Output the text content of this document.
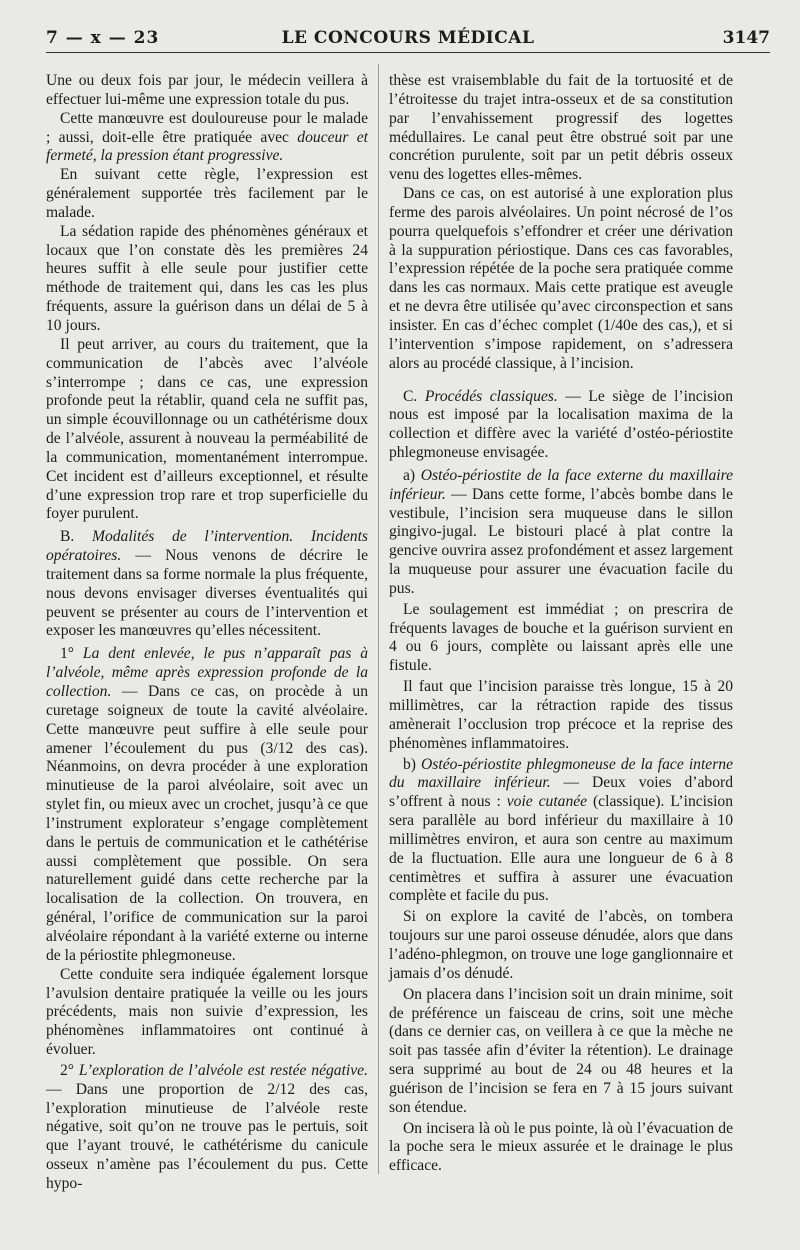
7 — x — 23	LE CONCOURS MÉDICAL	3147

Une ou deux fois par jour, le médecin veillera à effectuer lui-même une expression totale du pus.

Cette manœuvre est douloureuse pour le malade ; aussi, doit-elle être pratiquée avec douceur et fermeté, la pression étant progressive.

En suivant cette règle, l’expression est généralement supportée très facilement par le malade.

La sédation rapide des phénomènes généraux et locaux que l’on constate dès les premières 24 heures suffit à elle seule pour justifier cette méthode de traitement qui, dans les cas les plus fréquents, assure la guérison dans un délai de 5 à 10 jours.

Il peut arriver, au cours du traitement, que la communication de l’abcès avec l’alvéole s’interrompe ; dans ce cas, une expression profonde peut la rétablir, quand cela ne suffit pas, un simple écouvillonnage ou un cathétérisme doux de l’alvéole, assurent à nouveau la perméabilité de la communication, momentanément interrompue. Cet incident est d’ailleurs exceptionnel, et résulte d’une expression trop rare et trop superficielle du foyer purulent.

B. Modalités de l’intervention. Incidents opératoires. — Nous venons de décrire le traitement dans sa forme normale la plus fréquente, nous devons envisager diverses éventualités qui peuvent se présenter au cours de l’intervention et exposer les manœuvres qu’elles nécessitent.

1° La dent enlevée, le pus n’apparaît pas à l’alvéole, même après expression profonde de la collection. — Dans ce cas, on procède à un curetage soigneux de toute la cavité alvéolaire. Cette manœuvre peut suffire à elle seule pour amener l’écoulement du pus (3/12 des cas). Néanmoins, on devra procéder à une exploration minutieuse de la paroi alvéolaire, soit avec un stylet fin, ou mieux avec un crochet, jusqu’à ce que l’instrument explorateur s’engage complètement dans le pertuis de communication et le cathétérise aussi complètement que possible. On sera naturellement guidé dans cette recherche par la localisation de la collection. On trouvera, en général, l’orifice de communication sur la paroi alvéolaire répondant à la variété externe ou interne de la périostite phlegmoneuse.

Cette conduite sera indiquée également lorsque l’avulsion dentaire pratiquée la veille ou les jours précédents, mais non suivie d’expression, les phénomènes inflammatoires ont continué à évoluer.

2° L’exploration de l’alvéole est restée négative. — Dans une proportion de 2/12 des cas, l’exploration minutieuse de l’alvéole reste négative, soit qu’on ne trouve pas le pertuis, soit que l’ayant trouvé, le cathétérisme du canicule osseux n’amène pas l’écoulement du pus. Cette hypo-

thèse est vraisemblable du fait de la tortuosité et de l’étroitesse du trajet intra-osseux et de sa constitution par l’envahissement progressif des logettes médullaires. Le canal peut être obstrué soit par une concrétion purulente, soit par un petit débris osseux venu des logettes elles-mêmes.

Dans ce cas, on est autorisé à une exploration plus ferme des parois alvéolaires. Un point nécrosé de l’os pourra quelquefois s’effondrer et créer une dérivation à la suppuration périostique. Dans ces cas favorables, l’expression répétée de la poche sera pratiquée comme dans les cas normaux. Mais cette pratique est aveugle et ne devra être utilisée qu’avec circonspection et sans insister. En cas d’échec complet (1/40e des cas,), et si l’intervention s’impose rapidement, on s’adressera alors au procédé classique, à l’incision.

C. Procédés classiques. — Le siège de l’incision nous est imposé par la localisation maxima de la collection et diffère avec la variété d’ostéo-périostite phlegmoneuse envisagée.

a) Ostéo-périostite de la face externe du maxillaire inférieur. — Dans cette forme, l’abcès bombe dans le vestibule, l’incision sera muqueuse dans le sillon gingivo-jugal. Le bistouri placé à plat contre la gencive ouvrira assez profondément et assez largement la muqueuse pour assurer une évacuation facile du pus.

Le soulagement est immédiat ; on prescrira de fréquents lavages de bouche et la guérison survient en 4 ou 6 jours, complète ou laissant après elle une fistule.

Il faut que l’incision paraisse très longue, 15 à 20 millimètres, car la rétraction rapide des tissus amènerait l’occlusion trop précoce et la reprise des phénomènes inflammatoires.

b) Ostéo-périostite phlegmoneuse de la face interne du maxillaire inférieur. — Deux voies d’abord s’offrent à nous : voie cutanée (classique). L’incision sera parallèle au bord inférieur du maxillaire à 10 millimètres environ, et aura son centre au maximum de la fluctuation. Elle aura une longueur de 6 à 8 centimètres et suffira à assurer une évacuation complète et facile du pus.

Si on explore la cavité de l’abcès, on tombera toujours sur une paroi osseuse dénudée, alors que dans l’adéno-phlegmon, on trouve une loge ganglionnaire et jamais d’os dénudé.

On placera dans l’incision soit un drain minime, soit de préférence un faisceau de crins, soit une mèche (dans ce dernier cas, on veillera à ce que la mèche ne soit pas tassée afin d’éviter la rétention). Le drainage sera supprimé au bout de 24 ou 48 heures et la guérison de l’incision se fera en 7 à 15 jours suivant son étendue.

On incisera là où le pus pointe, là où l’évacuation de la poche sera le mieux assurée et le drainage le plus efficace.
